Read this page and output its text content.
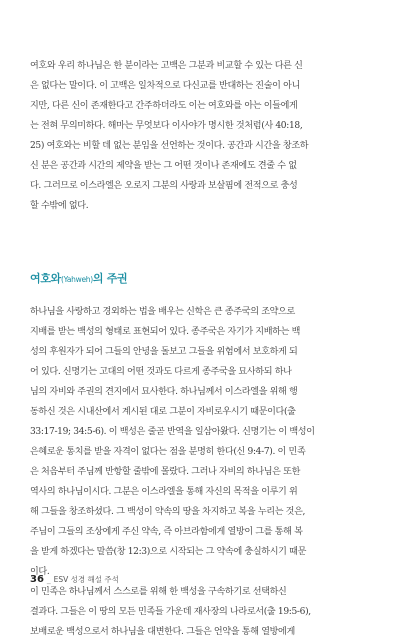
여호와 우리 하나님은 한 분이라는 고백은 그분과 비교할 수 있는 다른 신
은 없다는 말이다. 이 고백은 일차적으로 다신교를 반대하는 진술이 아니
지만, 다른 신이 존재한다고 간주하더라도 이는 여호와를 아는 이들에게
는 전혀 무의미하다. 해마는 무엇보다 이사야가 명시한 것처럼(사 40:18,
25) 여호와는 비할 데 없는 분임을 선언하는 것이다. 공간과 시간을 창조하
신 분은 공간과 시간의 제약을 받는 그 어떤 것이나 존재에도 견줄 수 없
다. 그러므로 이스라엘은 오로지 그분의 사랑과 보살핌에 전적으로 충성
할 수밖에 없다.
여호와(Yahweh)의 주권
하나님을 사랑하고 경외하는 법을 배우는 신학은 큰 종주국의 조약으로
지배를 받는 백성의 형태로 표현되어 있다. 종주국은 자기가 지배하는 백
성의 후원자가 되어 그들의 안녕을 돌보고 그들을 위험에서 보호하게 되
어 있다. 신명기는 고대의 어떤 것과도 다르게 종주국을 묘사하되 하나
님의 자비와 주권의 견지에서 묘사한다. 하나님께서 이스라엘을 위해 행
동하신 것은 시내산에서 계시된 대로 그분이 자비로우시기 때문이다(출
33:17-19; 34:5-6). 이 백성은 줄곧 반역을 일삼아왔다. 신명기는 이 백성이
은혜로운 통치를 받을 자격이 없다는 점을 분명히 한다(신 9:4-7). 이 민족
은 처음부터 주님께 반항할 줄밖에 몰랐다. 그러나 자비의 하나님은 또한
역사의 하나님이시다. 그분은 이스라엘을 통해 자신의 목적을 이루기 위
해 그들을 창조하셨다. 그 백성이 약속의 땅을 차지하고 복을 누리는 것은,
주님이 그들의 조상에게 주신 약속, 즉 아브라함에게 열방이 그를 통해 복
을 받게 하겠다는 말씀(창 12:3)으로 시작되는 그 약속에 충실하시기 때문
이다.
이 민족은 하나님께서 스스로를 위해 한 백성을 구속하기로 선택하신
결과다. 그들은 이 땅의 모든 민족들 가운데 재사장의 나라로서(출 19:5-6),
보배로운 백성으로서 하나님을 대변한다. 그들은 언약을 통해 열방에게
36 _ ESV 성경 해설 주석
